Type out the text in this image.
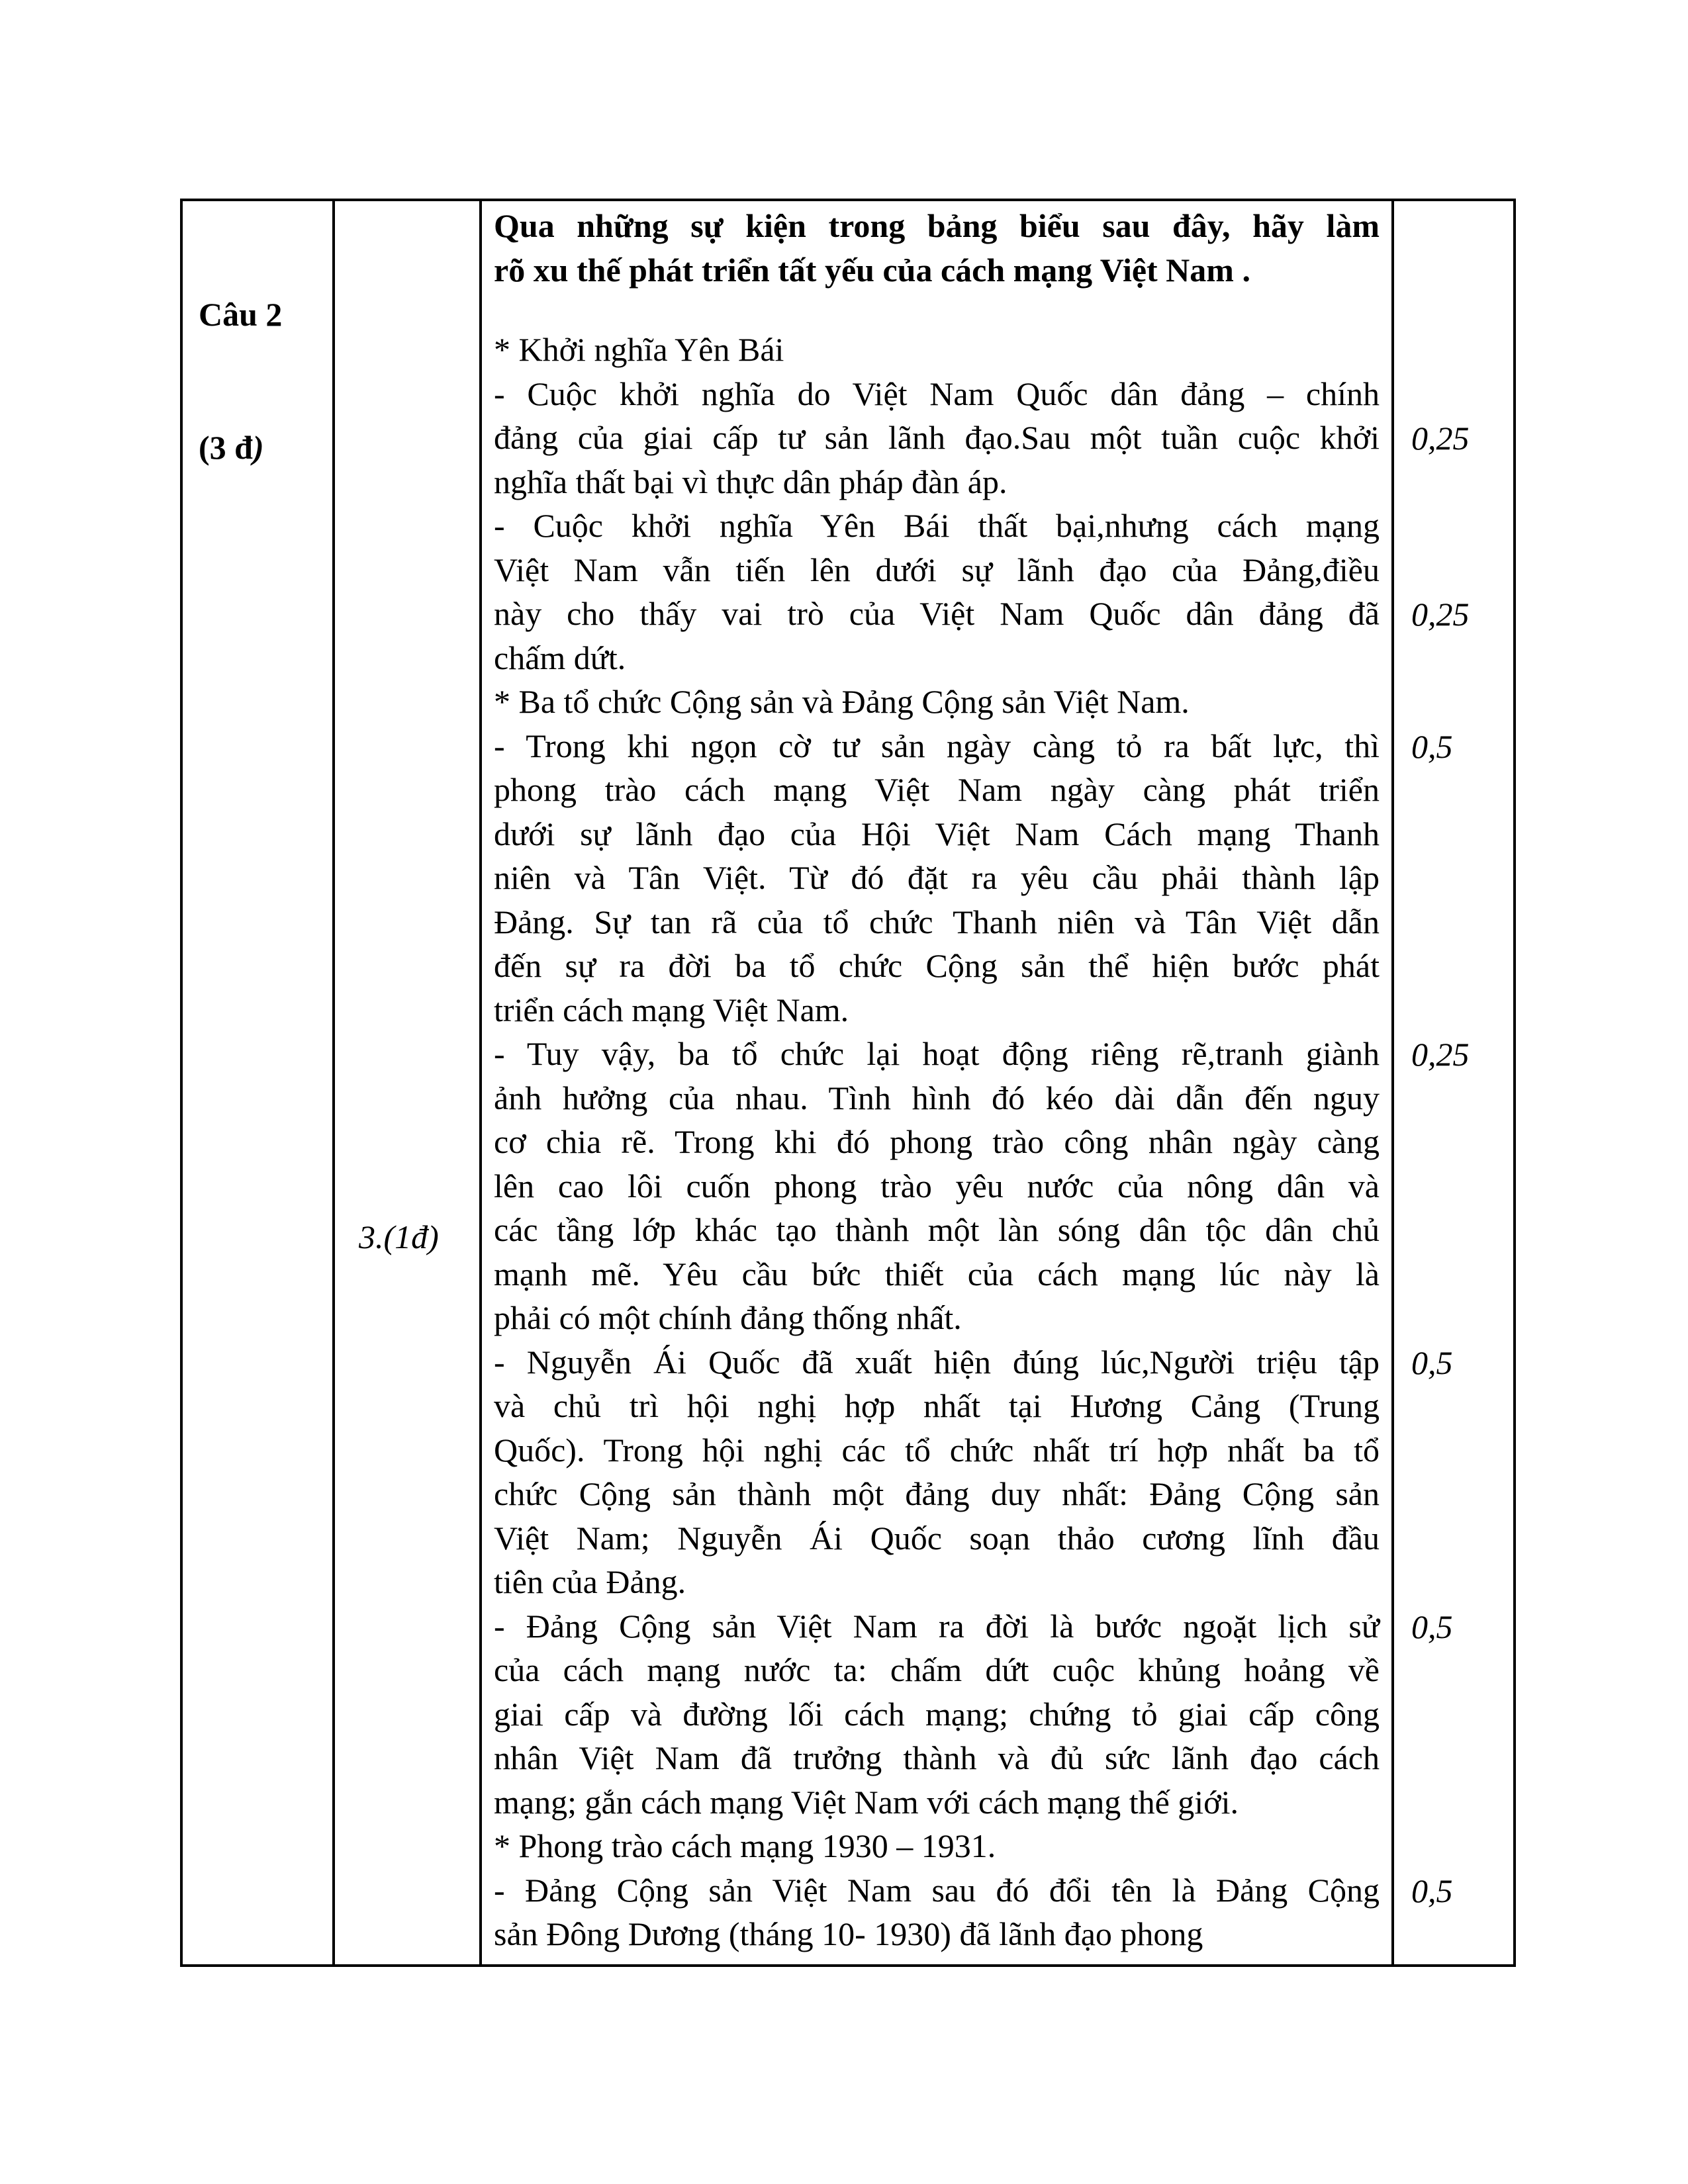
Câu 2

(3 đ)

3.(1đ)
Qua những sự kiện trong bảng biểu sau đây, hãy làm
rõ xu thế phát triển tất yếu của cách mạng Việt Nam .
* Khởi nghĩa Yên Bái
- Cuộc khởi nghĩa do Việt Nam Quốc dân đảng – chính
đảng của giai cấp tư sản lãnh đạo.Sau một tuần cuộc khởi
nghĩa thất bại vì thực dân pháp đàn áp.
- Cuộc khởi nghĩa Yên Bái thất bại,nhưng cách mạng
Việt Nam vẫn tiến lên dưới sự lãnh đạo của Đảng,điều
này cho thấy vai trò của Việt Nam Quốc dân đảng đã
chấm dứt.
* Ba tổ chức Cộng sản và Đảng Cộng sản Việt Nam.
- Trong khi ngọn cờ tư sản ngày càng tỏ ra bất lực, thì
phong trào cách mạng Việt Nam ngày càng phát triển
dưới sự lãnh đạo của Hội Việt Nam Cách mạng Thanh
niên và Tân Việt. Từ đó đặt ra yêu cầu phải thành lập
Đảng. Sự tan rã của tổ chức Thanh niên và Tân Việt dẫn
đến sự ra đời ba tổ chức Cộng sản thể hiện bước phát
triển cách mạng Việt Nam.
- Tuy vậy, ba tổ chức lại hoạt động riêng rẽ,tranh giành
ảnh hưởng của nhau. Tình hình đó kéo dài dẫn đến nguy
cơ chia rẽ. Trong khi đó phong trào công nhân ngày càng
lên cao lôi cuốn phong trào yêu nước của nông dân và
các tầng lớp khác tạo thành một làn sóng dân tộc dân chủ
mạnh mẽ. Yêu cầu bức thiết của cách mạng lúc này là
phải có một chính đảng thống nhất.
- Nguyễn Ái Quốc đã xuất hiện đúng lúc,Người triệu tập
và chủ trì hội nghị hợp nhất tại Hương Cảng (Trung
Quốc). Trong hội nghị các tổ chức nhất trí hợp nhất ba tổ
chức Cộng sản thành một đảng duy nhất: Đảng Cộng sản
Việt Nam; Nguyễn Ái Quốc soạn thảo cương lĩnh đầu
tiên của Đảng.
- Đảng Cộng sản Việt Nam ra đời là bước ngoặt lịch sử
của cách mạng nước ta: chấm dứt cuộc khủng hoảng về
giai cấp và đường lối cách mạng; chứng tỏ giai cấp công
nhân Việt Nam đã trưởng thành và đủ sức lãnh đạo cách
mạng; gắn cách mạng Việt Nam với cách mạng thế giới.
* Phong trào cách mạng 1930 – 1931.
- Đảng Cộng sản Việt Nam sau đó đổi tên là Đảng Cộng
sản Đông Dương (tháng 10- 1930) đã lãnh đạo phong
0,25
0,25
0,5
0,25
0,5
0,5
0,5
